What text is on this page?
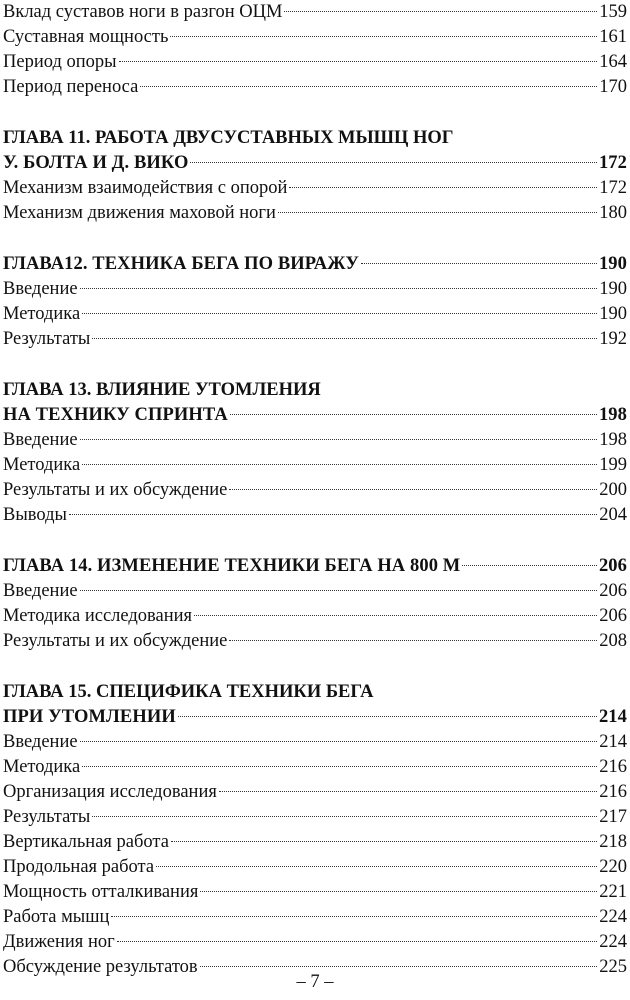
Вклад суставов ноги в разгон ОЦМ	159
Суставная мощность	161
Период опоры	164
Период переноса	170
ГЛАВА 11. РАБОТА ДВУСУСТАВНЫХ МЫШЦ НОГ
У. БОЛТА И Д. ВИКО	172
Механизм взаимодействия с опорой	172
Механизм движения маховой ноги	180
ГЛАВА12. ТЕХНИКА БЕГА ПО ВИРАЖУ	190
Введение	190
Методика	190
Результаты	192
ГЛАВА 13. ВЛИЯНИЕ УТОМЛЕНИЯ
НА ТЕХНИКУ СПРИНТА	198
Введение	198
Методика	199
Результаты и их обсуждение	200
Выводы	204
ГЛАВА 14. ИЗМЕНЕНИЕ ТЕХНИКИ БЕГА НА 800 М	206
Введение	206
Методика исследования	206
Результаты и их обсуждение	208
ГЛАВА 15. СПЕЦИФИКА ТЕХНИКИ БЕГА
ПРИ УТОМЛЕНИИ	214
Введение	214
Методика	216
Организация исследования	216
Результаты	217
Вертикальная работа	218
Продольная работа	220
Мощность отталкивания	221
Работа мышц	224
Движения ног	224
Обсуждение результатов	225
– 7 –
